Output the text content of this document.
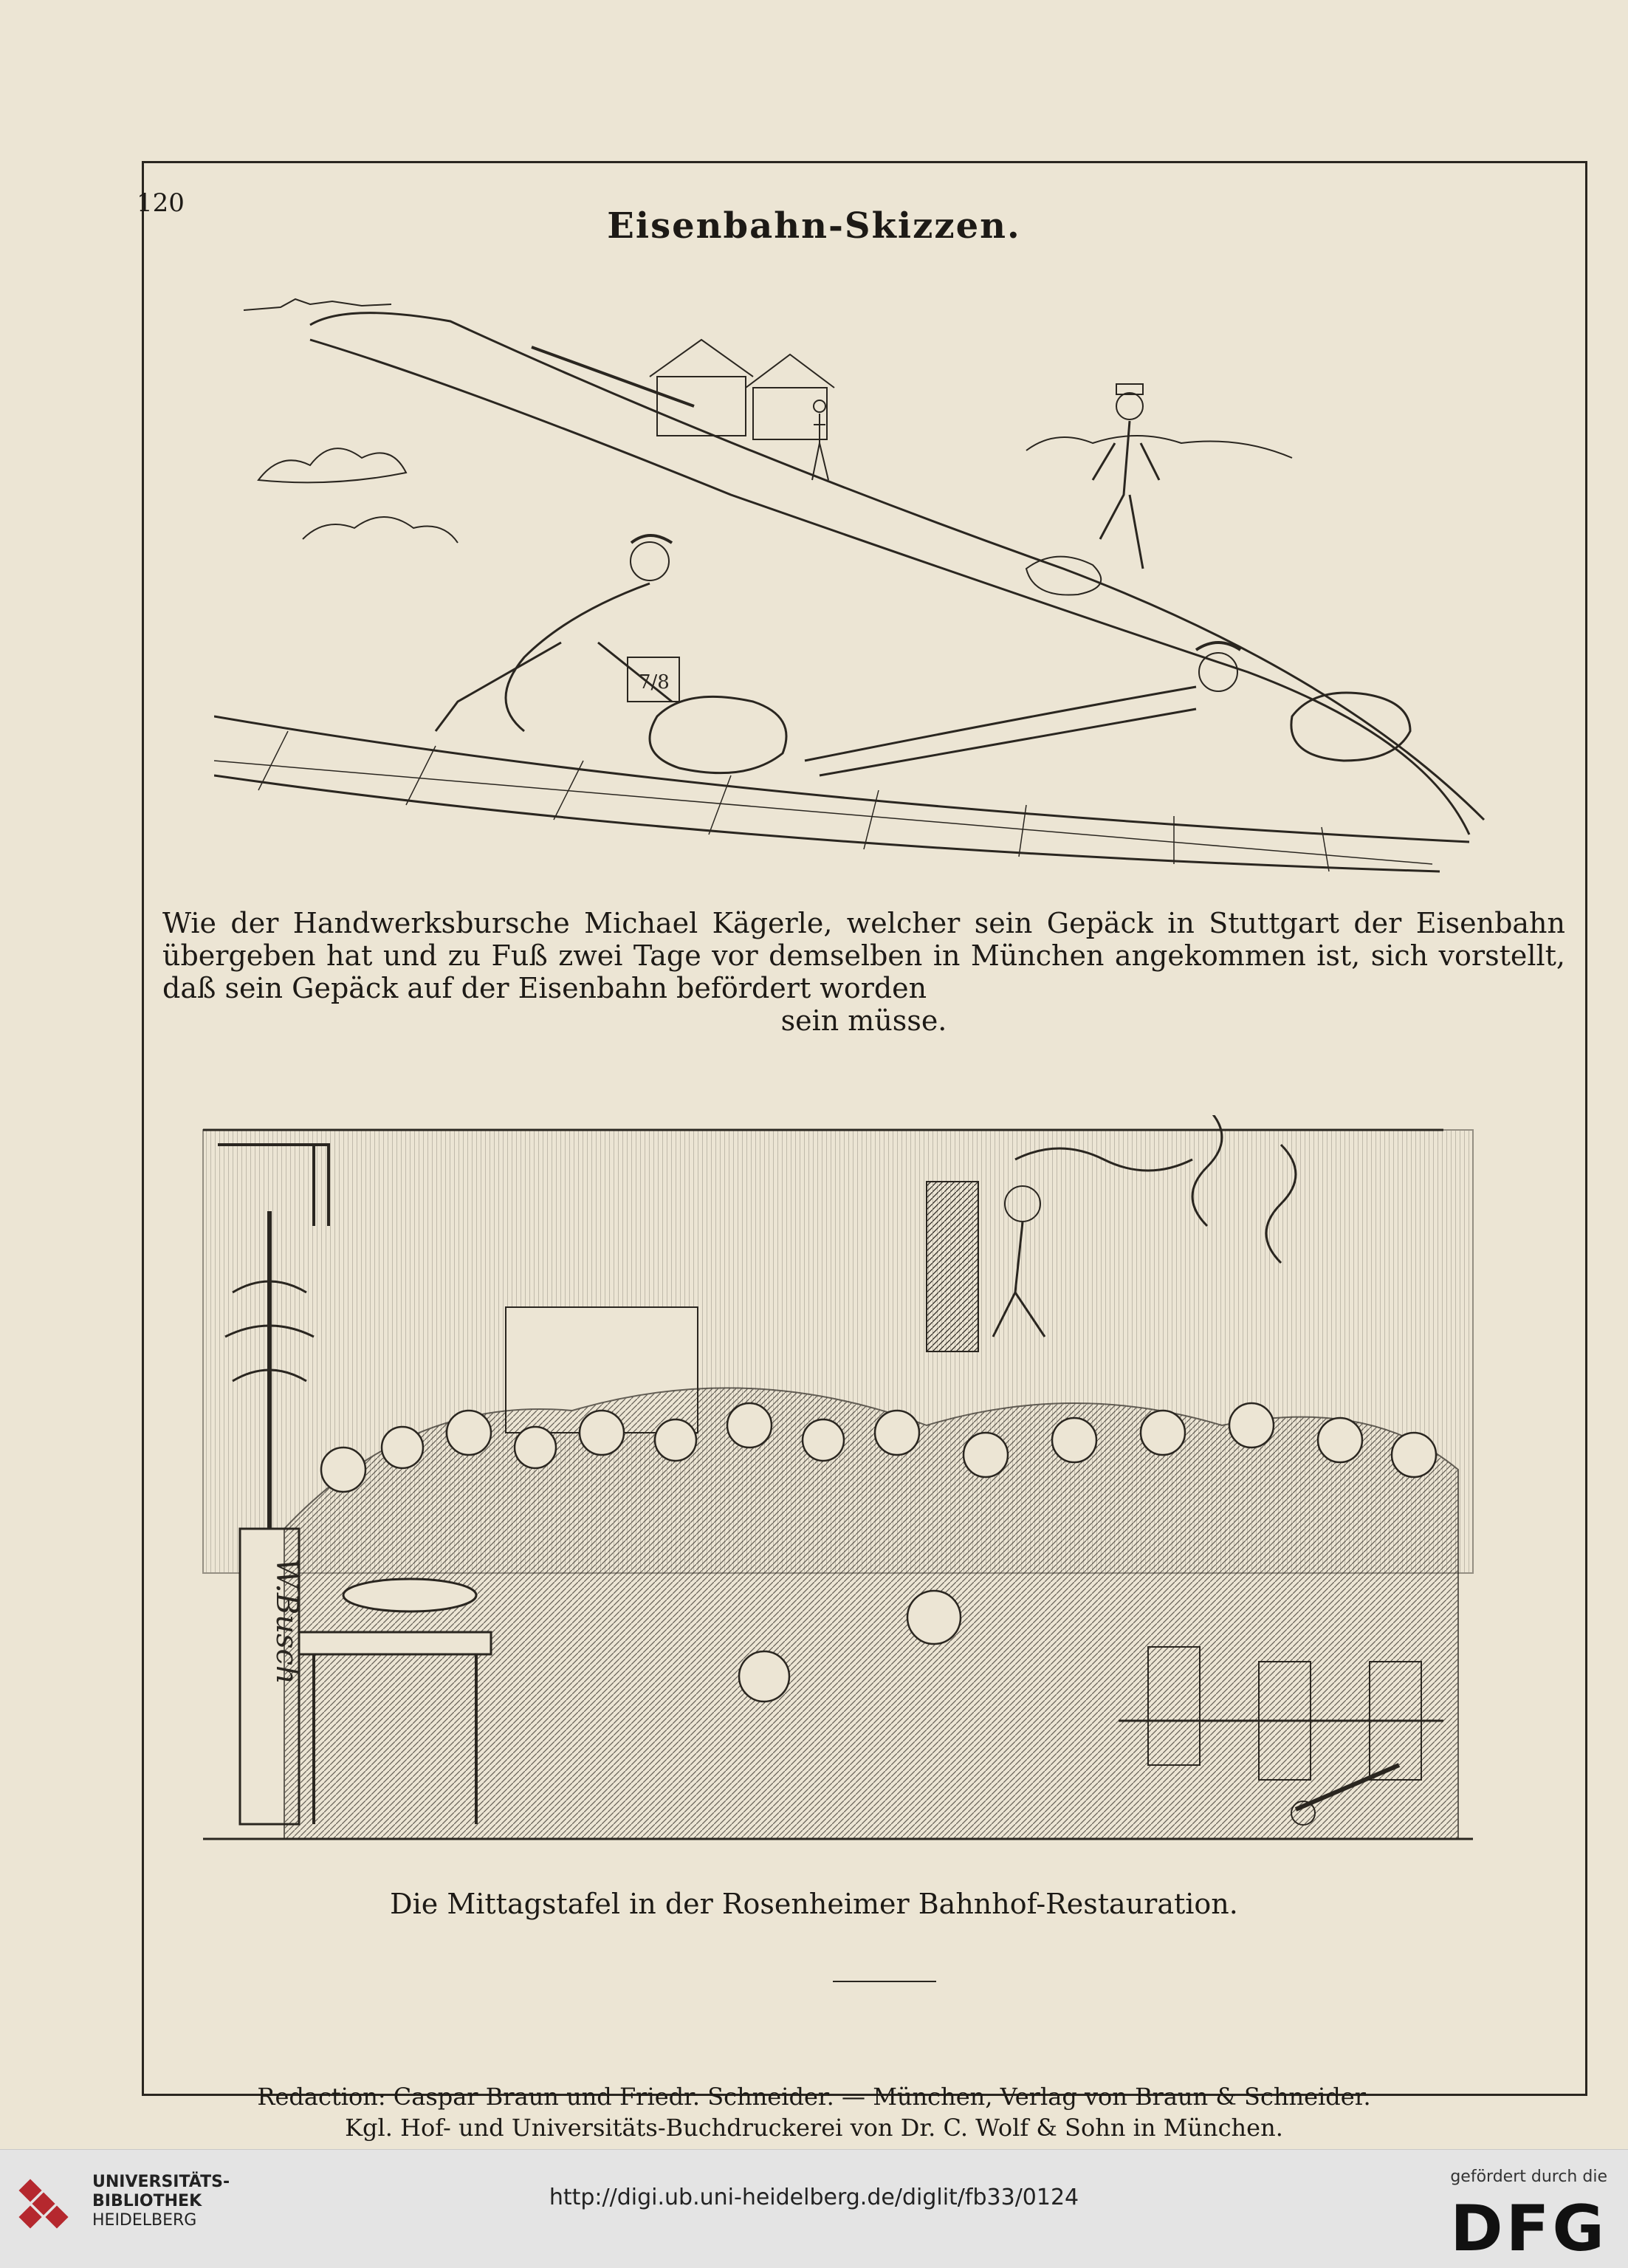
120
Eisenbahn-Skizzen.
7/8
Wie der Handwerksbursche Michael Kägerle, welcher sein Gepäck in Stuttgart der Eisenbahn übergeben hat und zu Fuß zwei Tage vor demselben in München angekommen ist, sich vorstellt, daß sein Gepäck auf der Eisenbahn befördert worden
sein müsse.
W.Busch
Die Mittagstafel in der Rosenheimer Bahnhof-Restauration.
Redaction: Caspar Braun und Friedr. Schneider. — München, Verlag von Braun & Schneider.
Kgl. Hof- und Universitäts-Buchdruckerei von Dr. C. Wolf & Sohn in München.
UNIVERSITÄTS-
BIBLIOTHEK
HEIDELBERG
http://digi.ub.uni-heidelberg.de/diglit/fb33/0124
gefördert durch die
DFG
